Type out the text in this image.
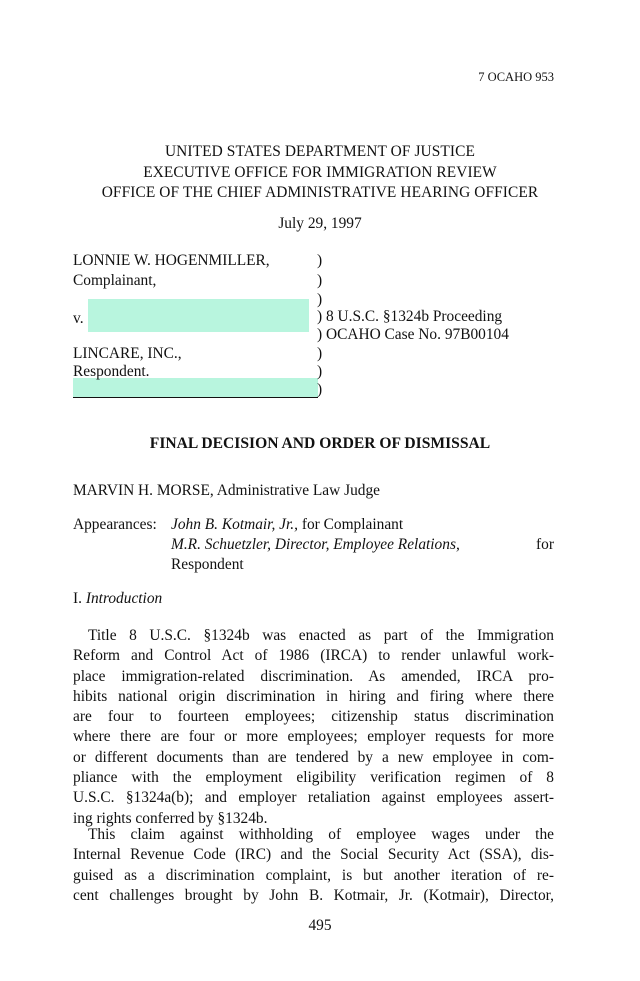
7 OCAHO 953
UNITED STATES DEPARTMENT OF JUSTICE
EXECUTIVE OFFICE FOR IMMIGRATION REVIEW
OFFICE OF THE CHIEF ADMINISTRATIVE HEARING OFFICER
July 29, 1997
LONNIE W. HOGENMILLER,
Complainant,
v.
LINCARE, INC.,
Respondent.
)
)
)
) 8 U.S.C. §1324b Proceeding
) OCAHO Case No. 97B00104
)
)
)
FINAL DECISION AND ORDER OF DISMISSAL
MARVIN H. MORSE, Administrative Law Judge
Appearances: John B. Kotmair, Jr., for Complainant
M.R. Schuetzler, Director, Employee Relations,	for
Respondent
I. Introduction
Title 8 U.S.C. §1324b was enacted as part of the Immigration
Reform and Control Act of 1986 (IRCA) to render unlawful work-
place immigration-related discrimination. As amended, IRCA pro-
hibits national origin discrimination in hiring and firing where there
are four to fourteen employees; citizenship status discrimination
where there are four or more employees; employer requests for more
or different documents than are tendered by a new employee in com-
pliance with the employment eligibility verification regimen of 8
U.S.C. §1324a(b); and employer retaliation against employees assert-
ing rights conferred by §1324b.
This claim against withholding of employee wages under the
Internal Revenue Code (IRC) and the Social Security Act (SSA), dis-
guised as a discrimination complaint, is but another iteration of re-
cent challenges brought by John B. Kotmair, Jr. (Kotmair), Director,
495
